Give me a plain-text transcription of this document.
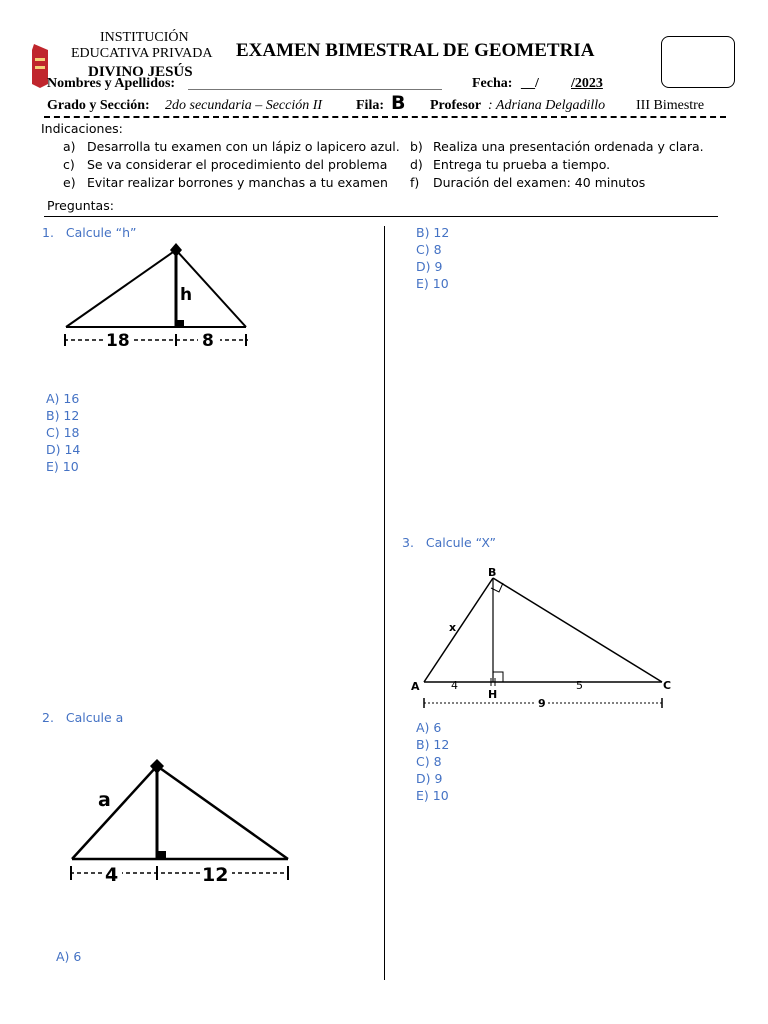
INSTITUCIÓN
EDUCATIVA PRIVADA
DIVINO JESÚS
EXAMEN BIMESTRAL DE GEOMETRIA
Nombres y Apellidos:	Fecha: __/ /2023
Grado y Sección: 2do secundaria – Sección II Fila: B Profesor : Adriana Delgadillo III Bimestre
Indicaciones:
a) Desarrolla tu examen con un lápiz o lapicero azul. b) Realiza una presentación ordenada y clara.
c) Se va considerar el procedimiento del problema d) Entrega tu prueba a tiempo.
e) Evitar realizar borrones y manchas a tu examen f) Duración del examen: 40 minutos
Preguntas:
1.   Calcule “h”
h
18	8
A) 16
B) 12
C) 18
D) 14
E) 10
2.   Calcule a
a
4	12
A) 6
B) 12
C) 8
D) 9
E) 10
3.   Calcule “X”
B
A	C
H
x
4	5
9
A) 6
B) 12
C) 8
D) 9
E) 10
